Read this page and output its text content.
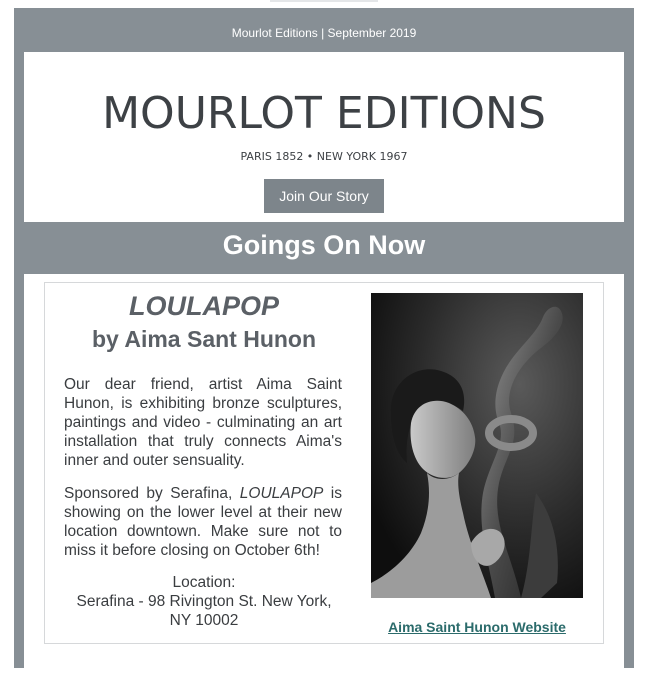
Mourlot Editions | September 2019
MOURLOT EDITIONS
PARIS 1852 • NEW YORK 1967
Join Our Story
Goings On Now
LOULAPOP
by Aima Sant Hunon

Our dear friend, artist Aima Saint Hunon, is exhibiting bronze sculptures, paintings and video - culminating an art installation that truly connects Aima's inner and outer sensuality.

Sponsored by Serafina, LOULAPOP is showing on the lower level at their new location downtown. Make sure not to miss it before closing on October 6th!

Location:
Serafina - 98 Rivington St. New York,
NY 10002	Aima Saint Hunon Website
